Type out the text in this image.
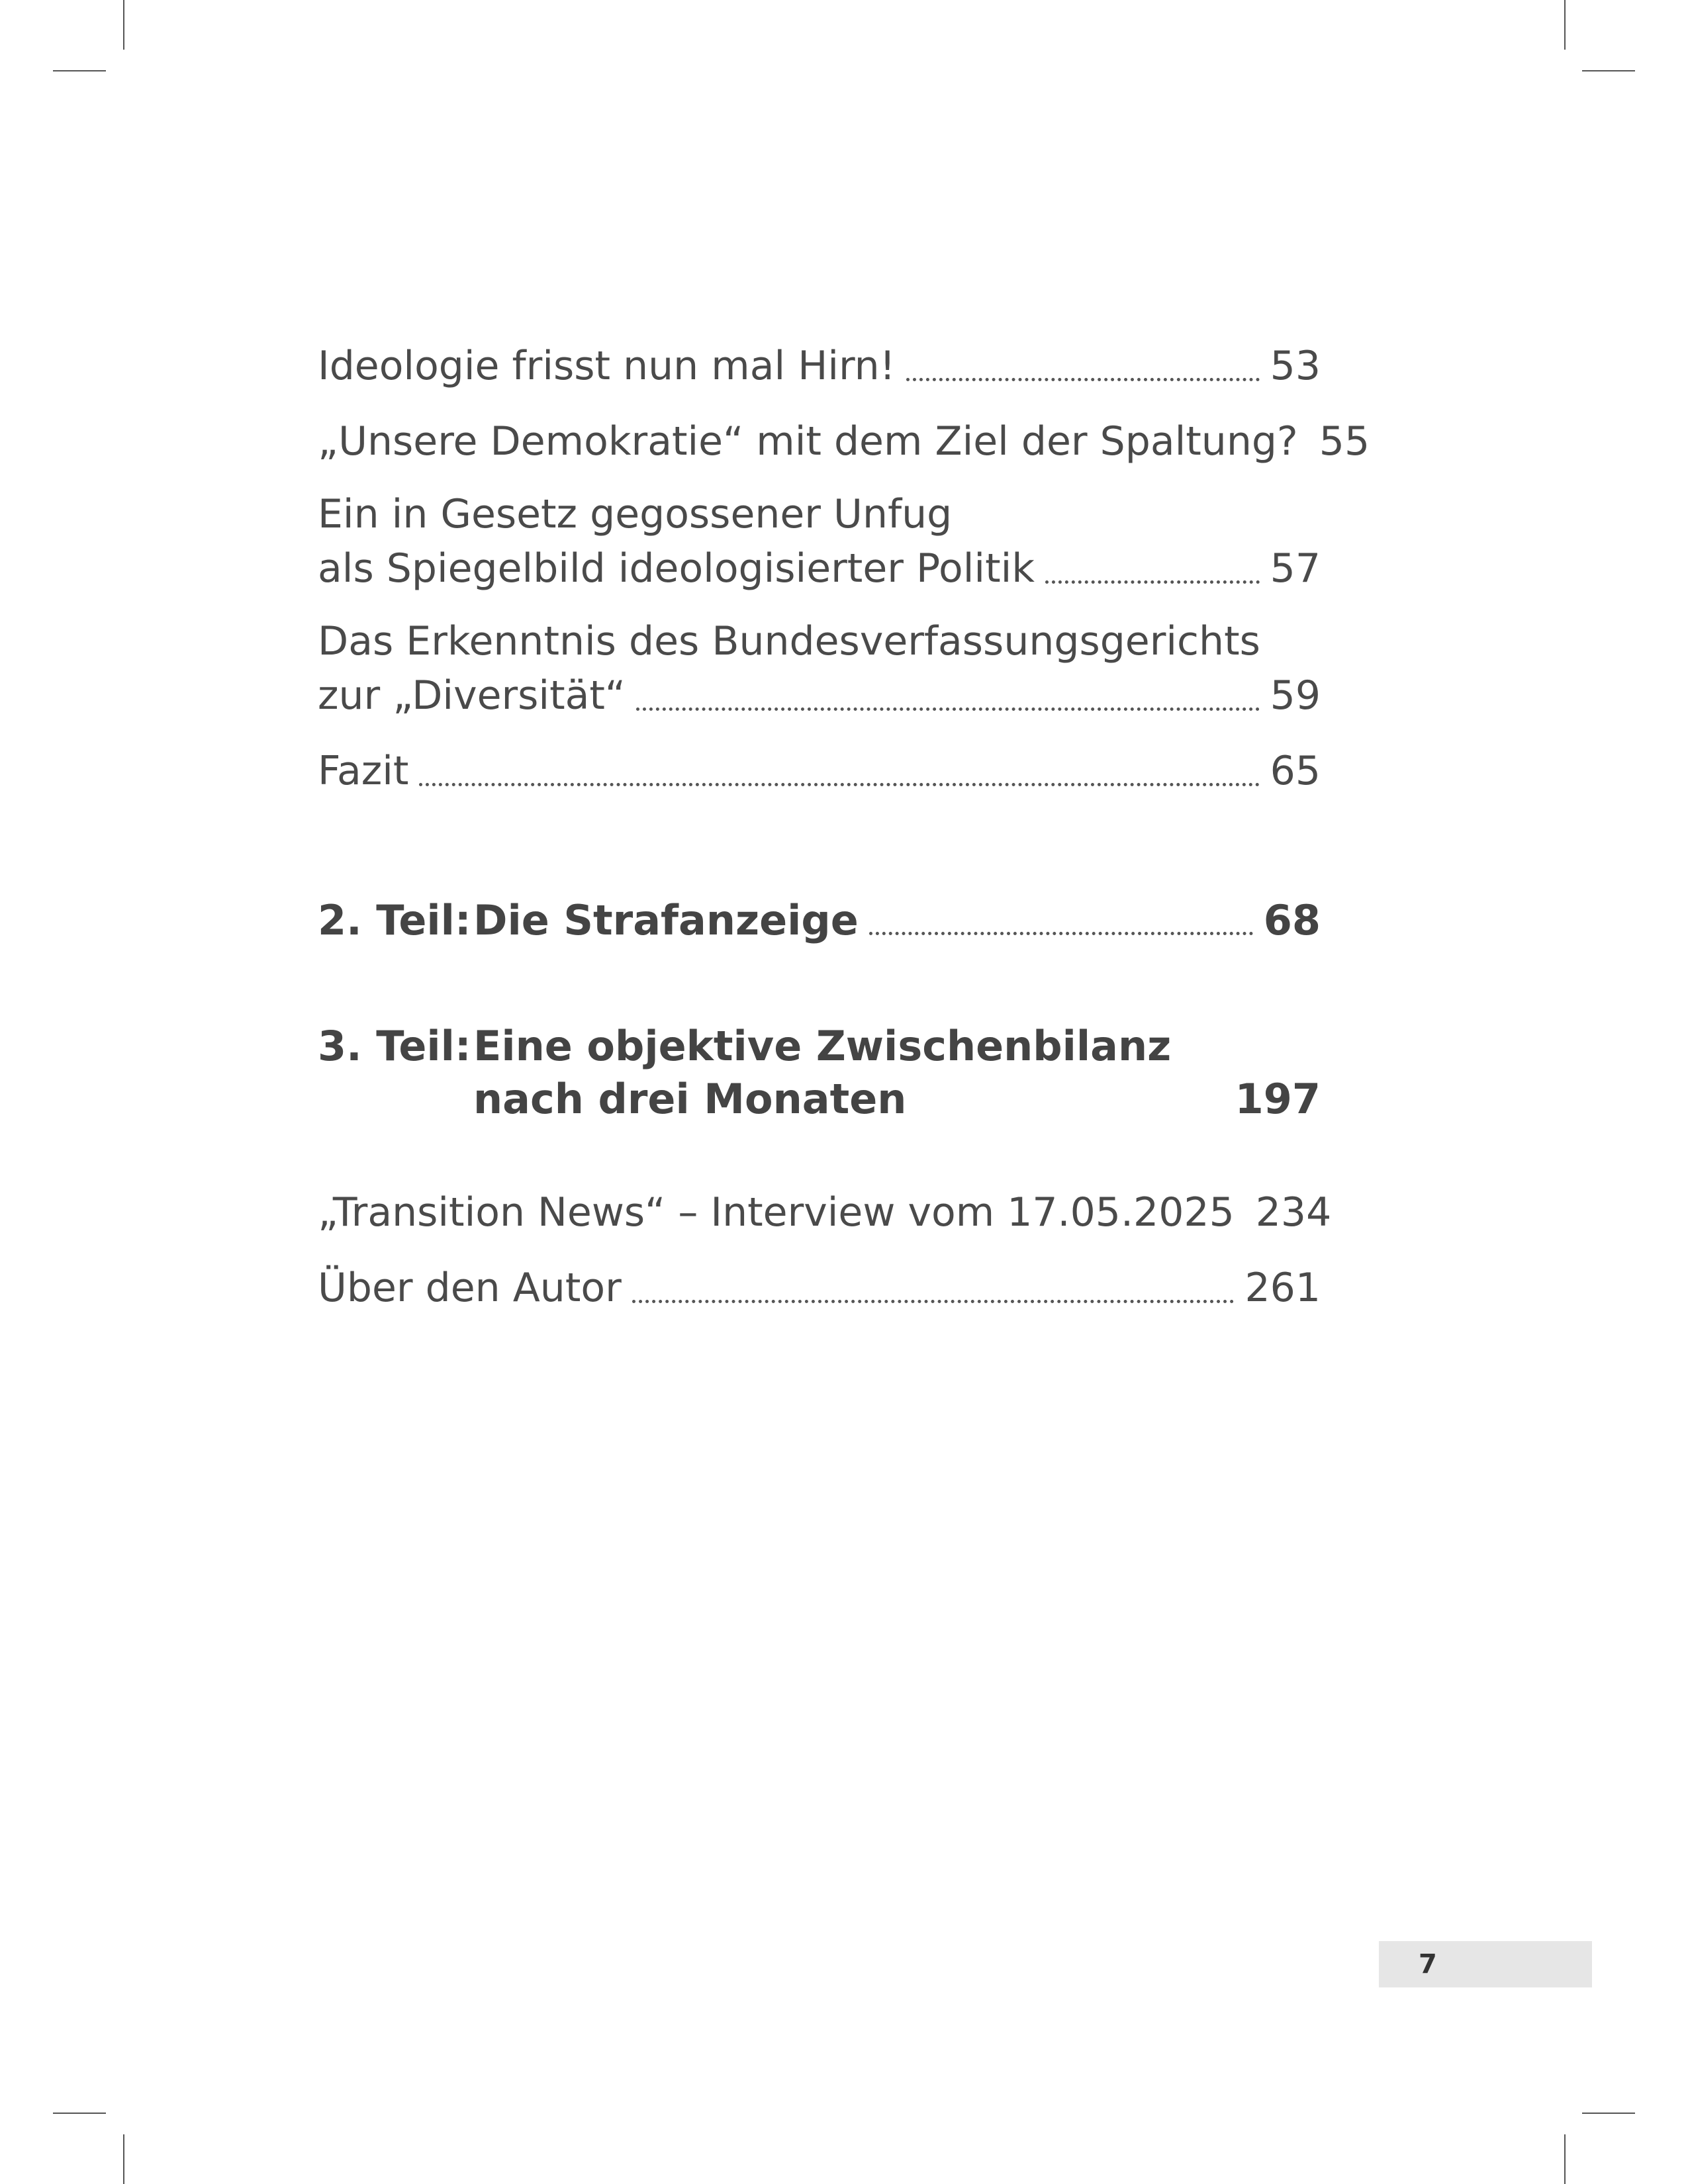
Ideologie frisst nun mal Hirn!	53
„Unsere Demokratie“ mit dem Ziel der Spaltung? 55
Ein in Gesetz gegossener Unfug
als Spiegelbild ideologisierter Politik	57
Das Erkenntnis des Bundesverfassungsgerichts
zur „Diversität“	59
Fazit	65
2. Teil: Die Strafanzeige	68
3. Teil: Eine objektive Zwischenbilanz
nach drei Monaten	197
„Transition News“ – Interview vom 17.05.2025 234
Über den Autor	261
7
